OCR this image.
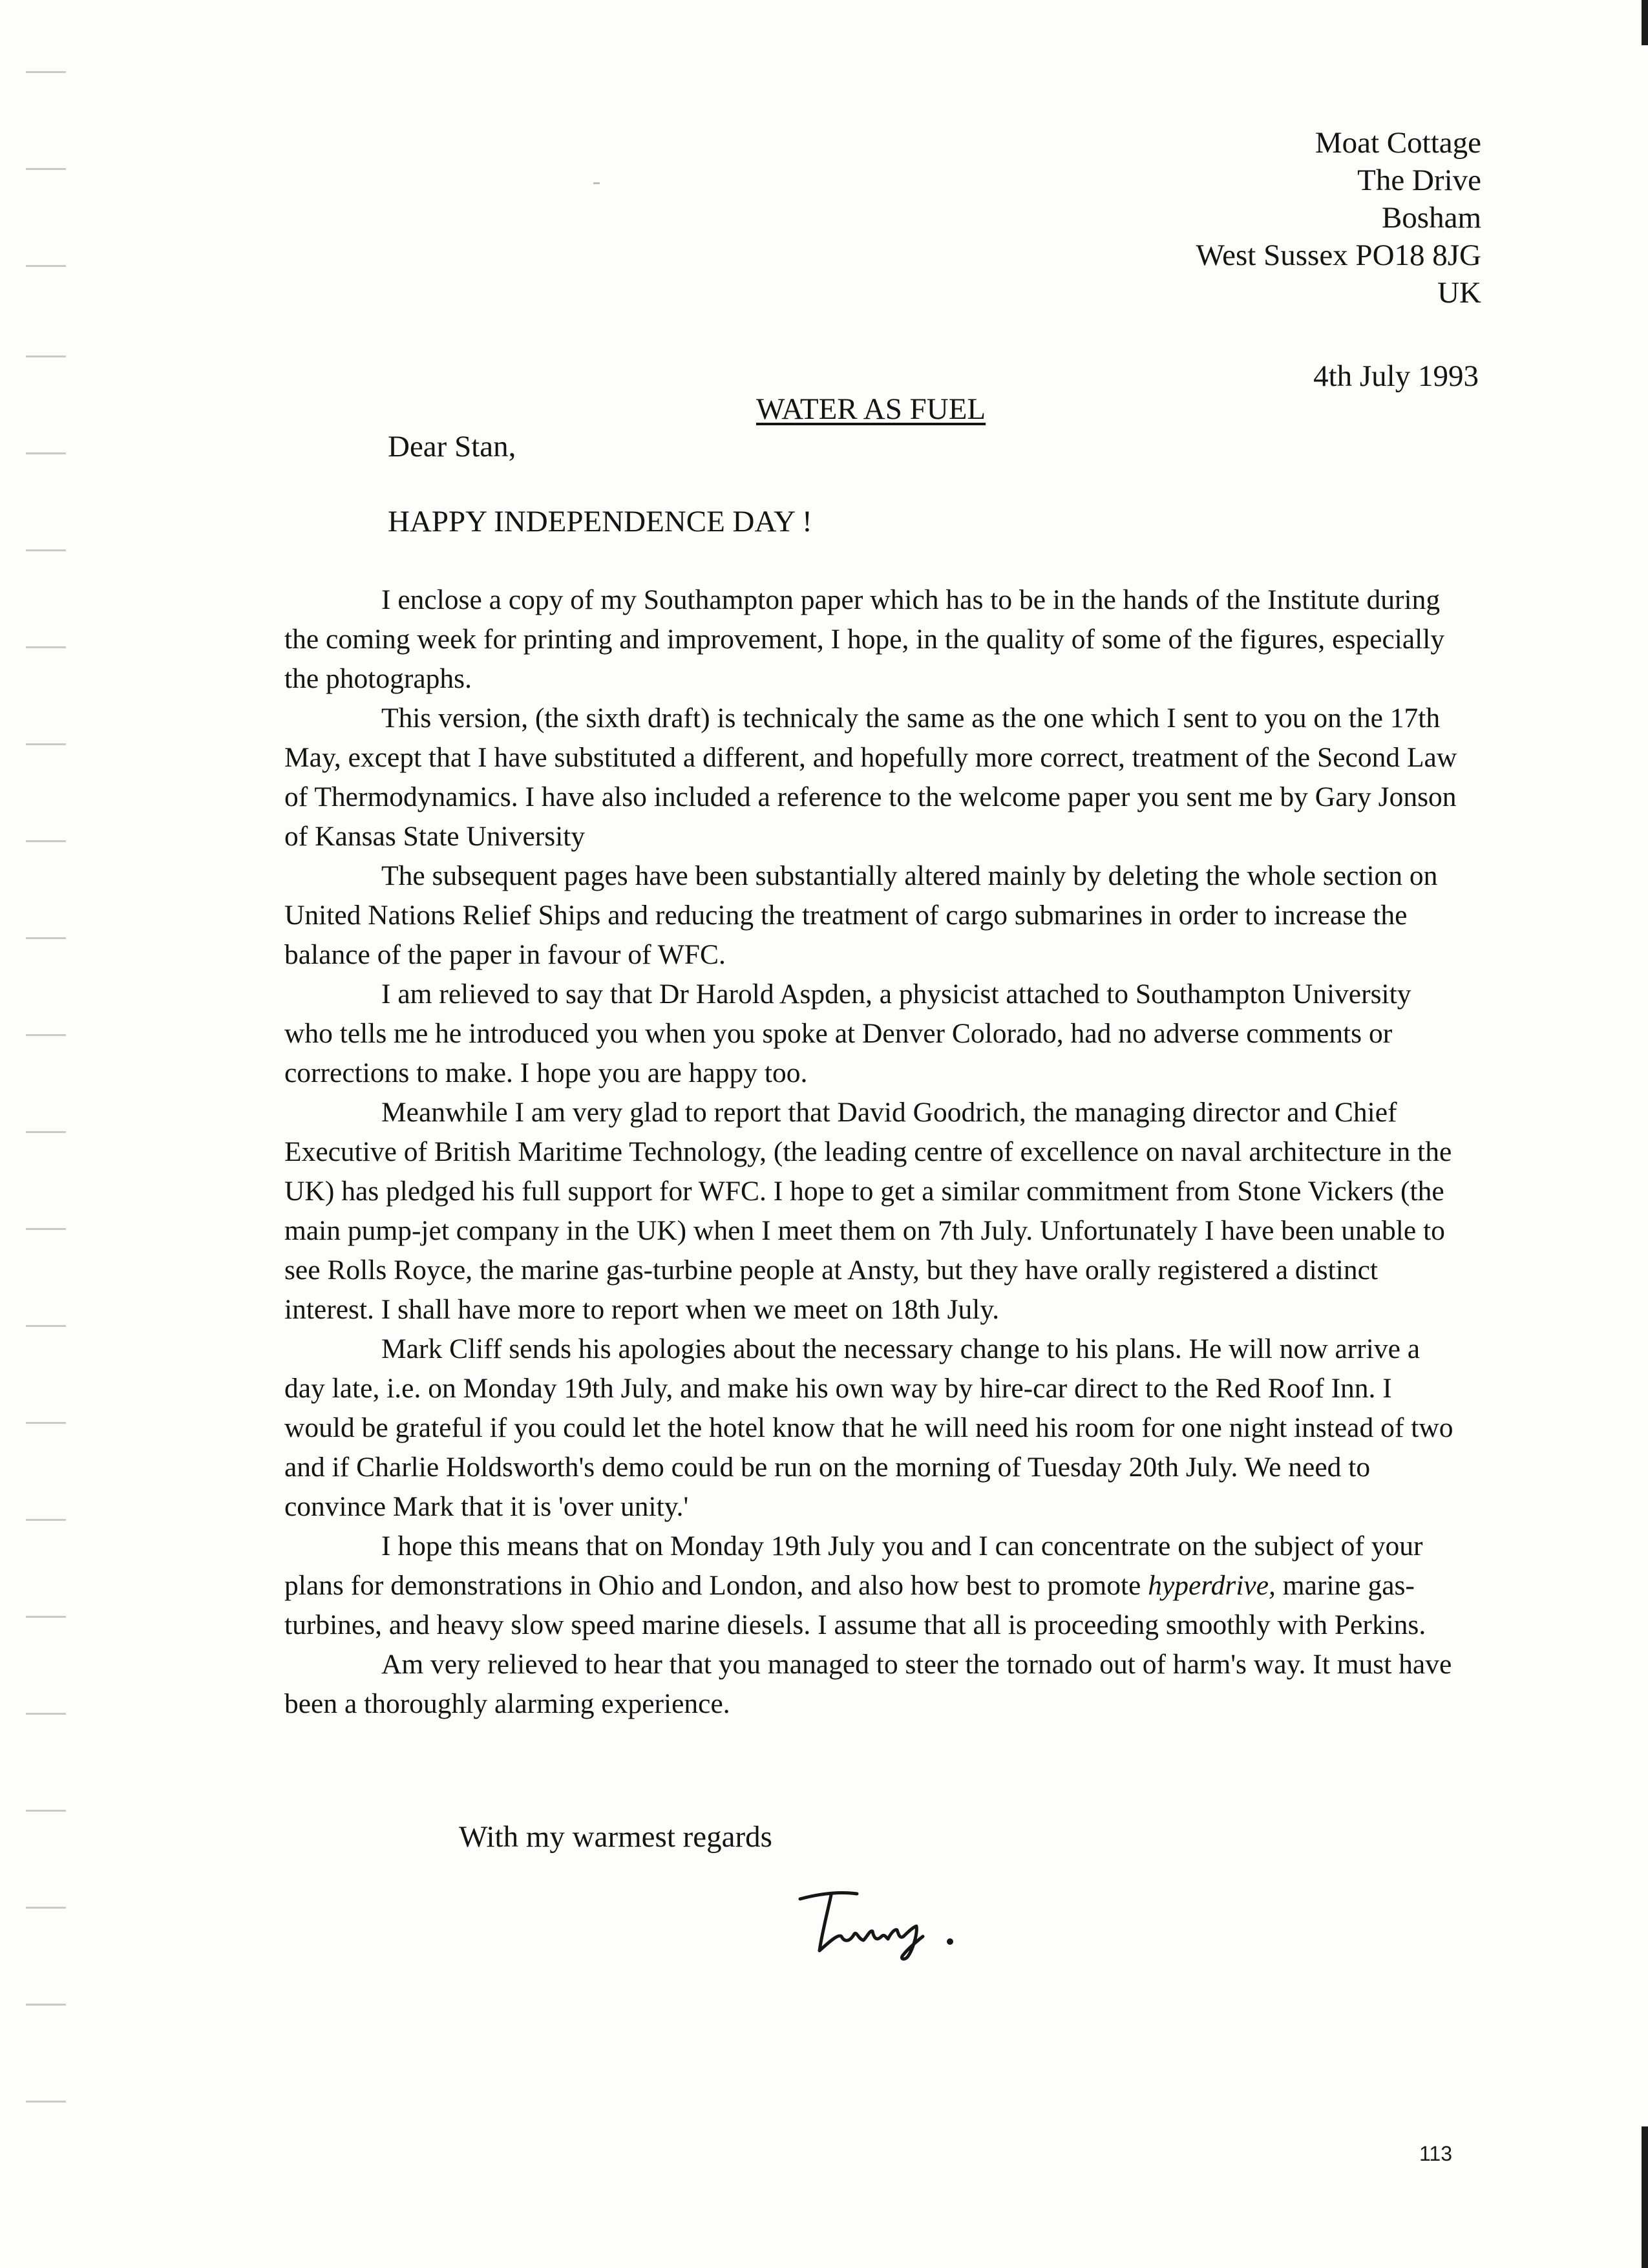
Moat Cottage
The Drive
Bosham
West Sussex PO18 8JG
UK
4th July 1993
WATER AS FUEL
Dear Stan,
HAPPY INDEPENDENCE DAY !

I enclose a copy of my Southampton paper which has to be in the hands of the Institute during the coming week for printing and improvement, I hope, in the quality of some of the figures, especially the photographs.

This version, (the sixth draft) is technicaly the same as the one which I sent to you on the 17th May, except that I have substituted a different, and hopefully more correct, treatment of the Second Law of Thermodynamics. I have also included a reference to the welcome paper you sent me by Gary Jonson of Kansas State University

The subsequent pages have been substantially altered mainly by deleting the whole section on United Nations Relief Ships and reducing the treatment of cargo submarines in order to increase the balance of the paper in favour of WFC.

I am relieved to say that Dr Harold Aspden, a physicist attached to Southampton University who tells me he introduced you when you spoke at Denver Colorado, had no adverse comments or corrections to make. I hope you are happy too.

Meanwhile I am very glad to report that David Goodrich, the managing director and Chief Executive of British Maritime Technology, (the leading centre of excellence on naval architecture in the UK) has pledged his full support for WFC. I hope to get a similar commitment from Stone Vickers (the main pump-jet company in the UK) when I meet them on 7th July. Unfortunately I have been unable to see Rolls Royce, the marine gas-turbine people at Ansty, but they have orally registered a distinct interest. I shall have more to report when we meet on 18th July.

Mark Cliff sends his apologies about the necessary change to his plans. He will now arrive a day late, i.e. on Monday 19th July, and make his own way by hire-car direct to the Red Roof Inn. I would be grateful if you could let the hotel know that he will need his room for one night instead of two and if Charlie Holdsworth's demo could be run on the morning of Tuesday 20th July. We need to convince Mark that it is 'over unity.'

I hope this means that on Monday 19th July you and I can concentrate on the subject of your plans for demonstrations in Ohio and London, and also how best to promote hyperdrive, marine gas-turbines, and heavy slow speed marine diesels. I assume that all is proceeding smoothly with Perkins.

Am very relieved to hear that you managed to steer the tornado out of harm's way. It must have been a thoroughly alarming experience.

With my warmest regards
113
